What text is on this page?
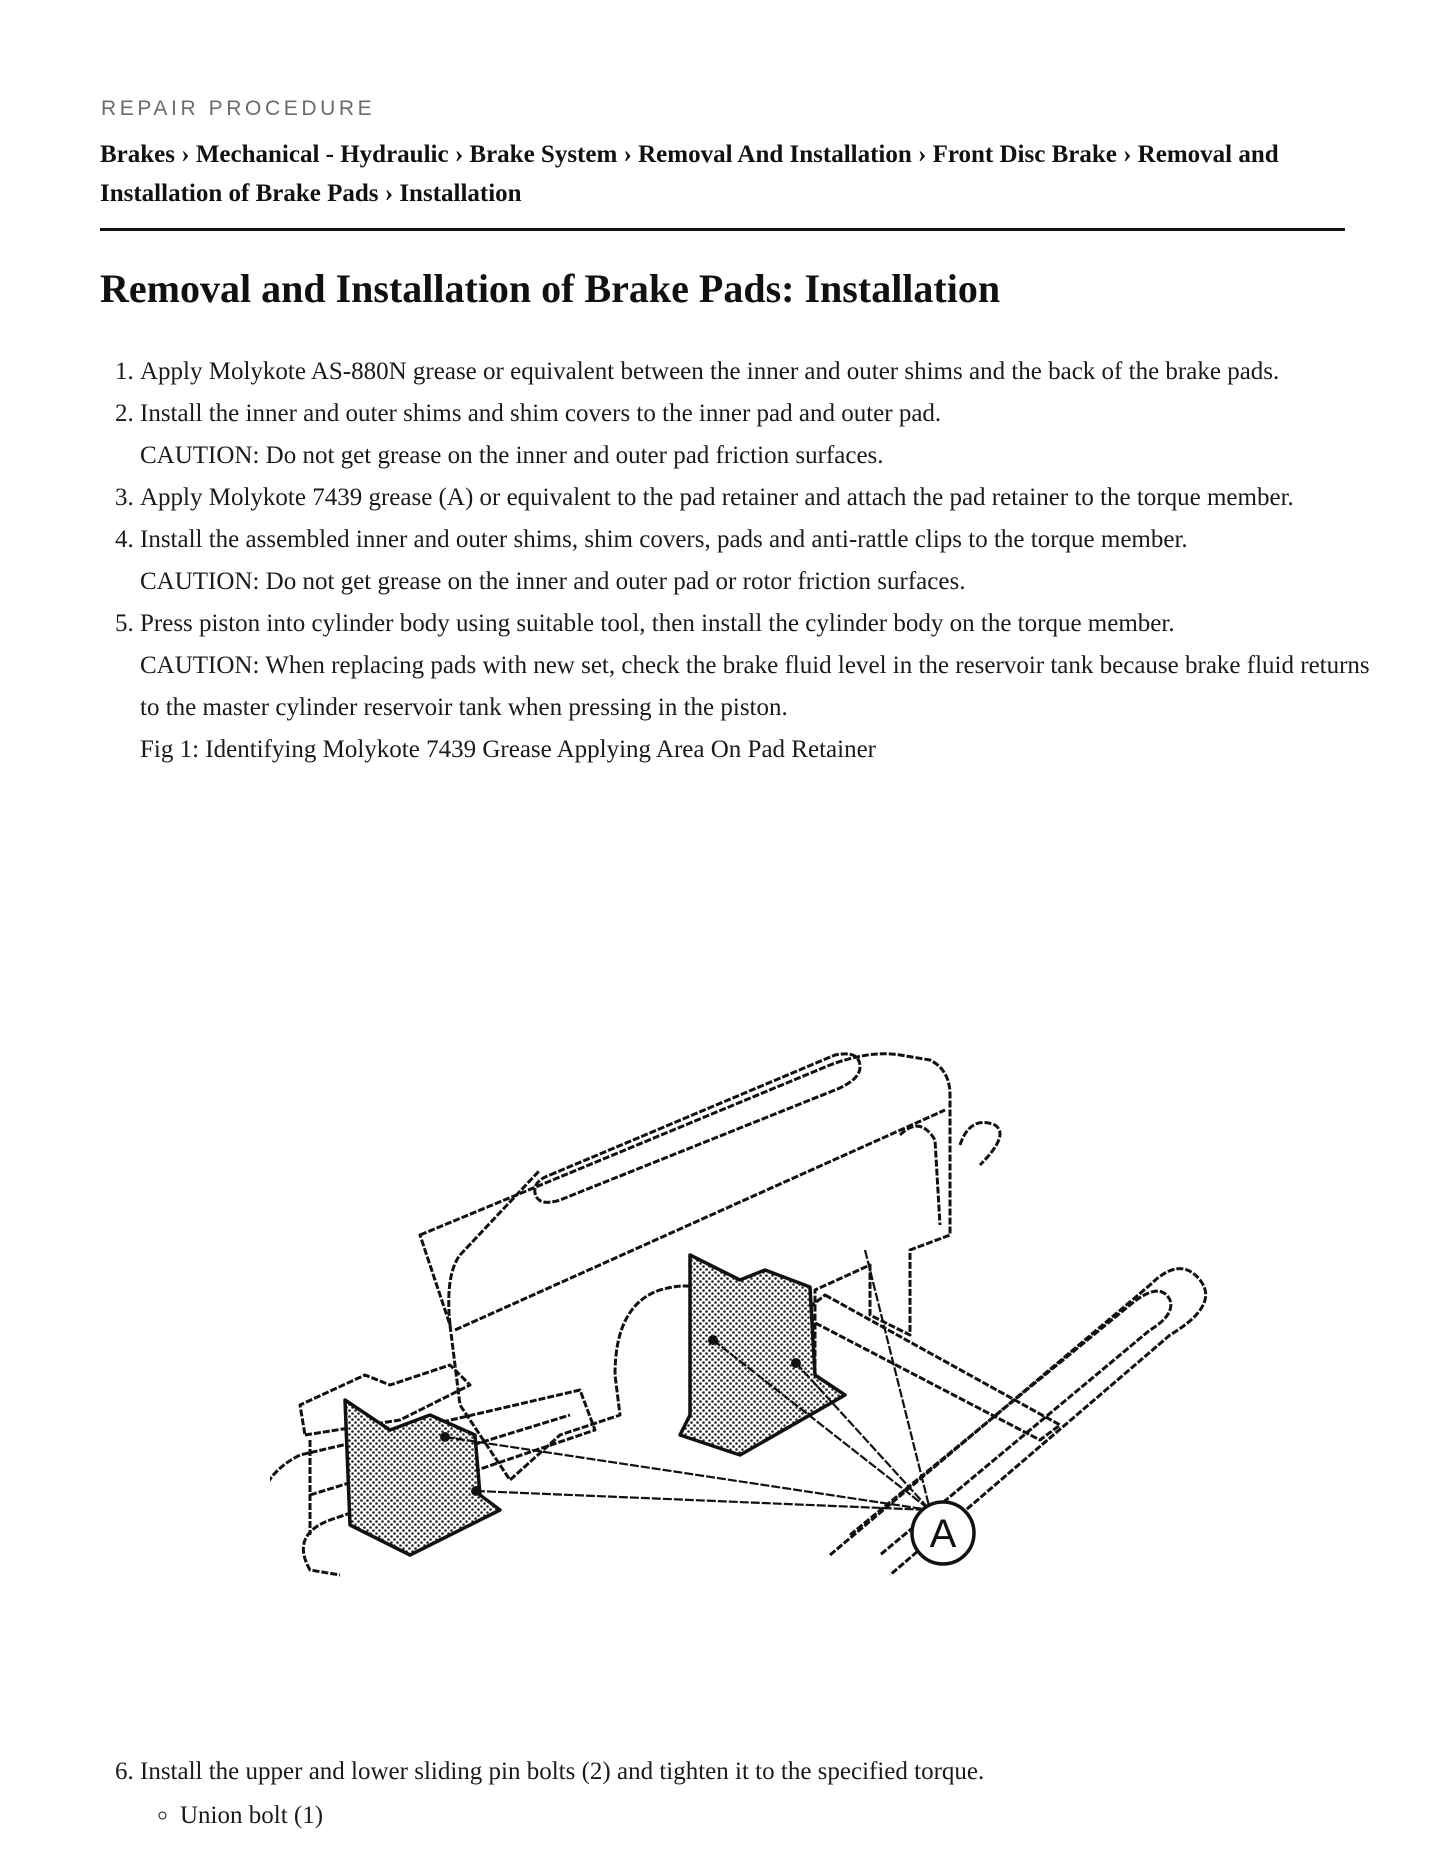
REPAIR PROCEDURE
Brakes › Mechanical - Hydraulic › Brake System › Removal And Installation › Front Disc Brake › Removal and Installation of Brake Pads › Installation
Removal and Installation of Brake Pads: Installation
1. Apply Molykote AS-880N grease or equivalent between the inner and outer shims and the back of the brake pads.
2. Install the inner and outer shims and shim covers to the inner pad and outer pad.
CAUTION: Do not get grease on the inner and outer pad friction surfaces.
3. Apply Molykote 7439 grease (A) or equivalent to the pad retainer and attach the pad retainer to the torque member.
4. Install the assembled inner and outer shims, shim covers, pads and anti-rattle clips to the torque member.
CAUTION: Do not get grease on the inner and outer pad or rotor friction surfaces.
5. Press piston into cylinder body using suitable tool, then install the cylinder body on the torque member.
CAUTION: When replacing pads with new set, check the brake fluid level in the reservoir tank because brake fluid returns to the master cylinder reservoir tank when pressing in the piston.
Fig 1: Identifying Molykote 7439 Grease Applying Area On Pad Retainer
A
6. Install the upper and lower sliding pin bolts (2) and tighten it to the specified torque.
◦ Union bolt (1)
